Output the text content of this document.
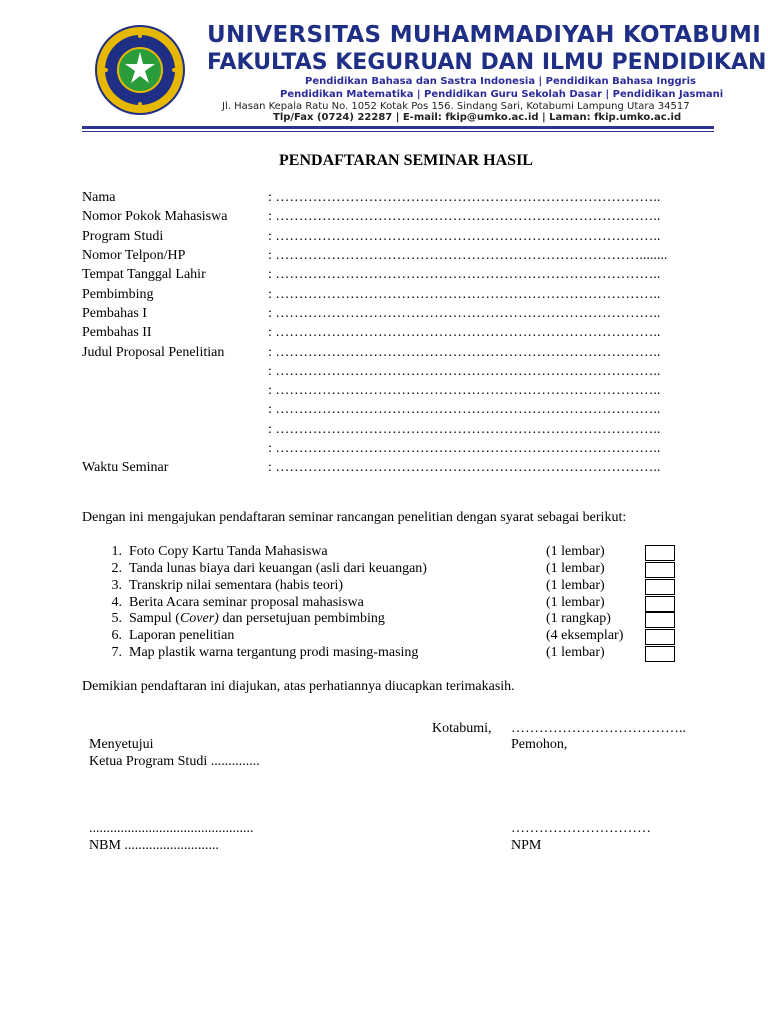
UNIVERSITAS MUHAMMADIYAH KOTABUMI
FAKULTAS KEGURUAN DAN ILMU PENDIDIKAN
Pendidikan Bahasa dan Sastra Indonesia | Pendidikan Bahasa Inggris
Pendidikan Matematika | Pendidikan Guru Sekolah Dasar | Pendidikan Jasmani
Jl. Hasan Kepala Ratu No. 1052 Kotak Pos 156. Sindang Sari, Kotabumi Lampung Utara 34517
Tlp/Fax (0724) 22287 | E-mail: fkip@umko.ac.id | Laman: fkip.umko.ac.id
PENDAFTARAN SEMINAR HASIL
Nama	: ………………………………………………………………………..
Nomor Pokok Mahasiswa	: ………………………………………………………………………..
Program Studi	: ………………………………………………………………………..
Nomor Telpon/HP	: ……………………………………………………………………........
Tempat Tanggal Lahir	: ………………………………………………………………………..
Pembimbing	: ………………………………………………………………………..
Pembahas I	: ………………………………………………………………………..
Pembahas II	: ………………………………………………………………………..
Judul Proposal Penelitian	: ………………………………………………………………………..
: ………………………………………………………………………..
: ………………………………………………………………………..
: ………………………………………………………………………..
: ………………………………………………………………………..
: ………………………………………………………………………..
Waktu Seminar	: ………………………………………………………………………..
Dengan ini mengajukan pendaftaran seminar rancangan penelitian dengan syarat sebagai berikut:
1. Foto Copy Kartu Tanda Mahasiswa	(1 lembar)
2. Tanda lunas biaya dari keuangan (asli dari keuangan)	(1 lembar)
3. Transkrip nilai sementara (habis teori)	(1 lembar)
4. Berita Acara seminar proposal mahasiswa	(1 lembar)
5. Sampul (Cover) dan persetujuan pembimbing	(1 rangkap)
6. Laporan penelitian	(4 eksemplar)
7. Map plastik warna tergantung prodi masing-masing	(1 lembar)
Demikian pendaftaran ini diajukan, atas perhatiannya diucapkan terimakasih.
Kotabumi, ………………………………..
Menyetujui
Ketua Program Studi ..............
Pemohon,
...............................................	…………………………
NBM ...........................	NPM
